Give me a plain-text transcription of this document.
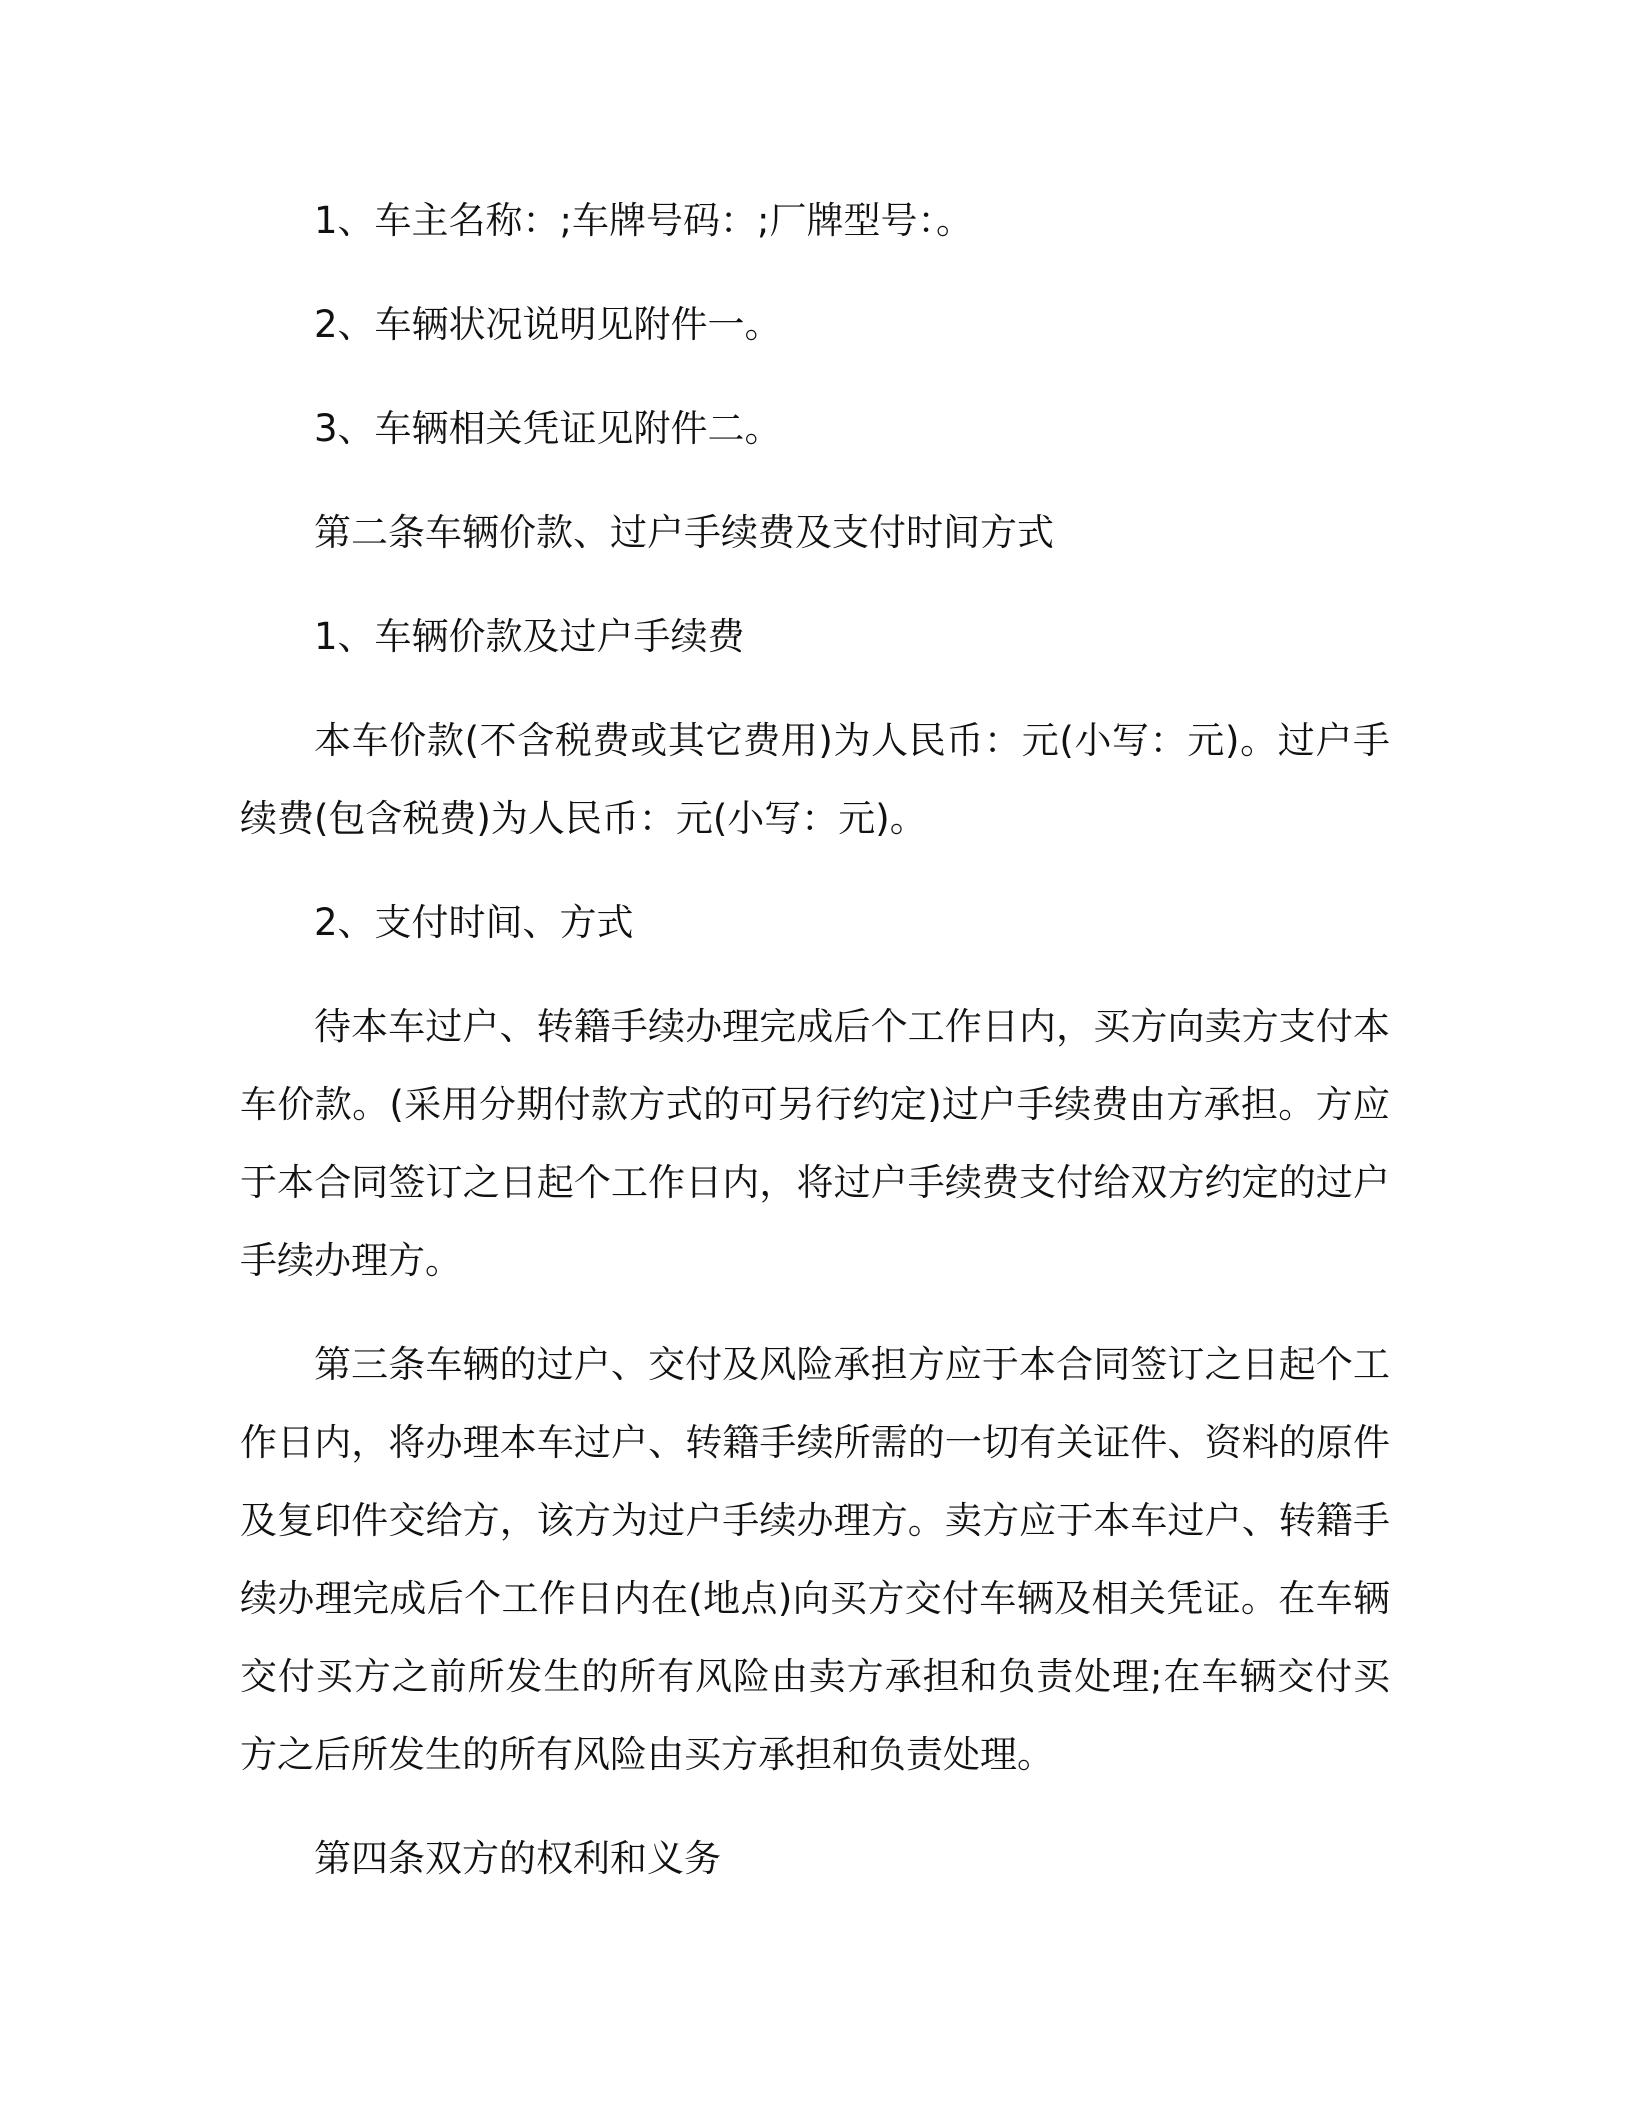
1、车主名称：;车牌号码：;厂牌型号：。

2、车辆状况说明见附件一。

3、车辆相关凭证见附件二。

第二条车辆价款、过户手续费及支付时间方式

1、车辆价款及过户手续费

本车价款(不含税费或其它费用)为人民币：元(小写：元)。过户手续费(包含税费)为人民币：元(小写：元)。

2、支付时间、方式

待本车过户、转籍手续办理完成后个工作日内，买方向卖方支付本车价款。(采用分期付款方式的可另行约定)过户手续费由方承担。方应于本合同签订之日起个工作日内，将过户手续费支付给双方约定的过户手续办理方。

第三条车辆的过户、交付及风险承担方应于本合同签订之日起个工作日内，将办理本车过户、转籍手续所需的一切有关证件、资料的原件及复印件交给方，该方为过户手续办理方。卖方应于本车过户、转籍手续办理完成后个工作日内在(地点)向买方交付车辆及相关凭证。在车辆交付买方之前所发生的所有风险由卖方承担和负责处理;在车辆交付买方之后所发生的所有风险由买方承担和负责处理。

第四条双方的权利和义务
